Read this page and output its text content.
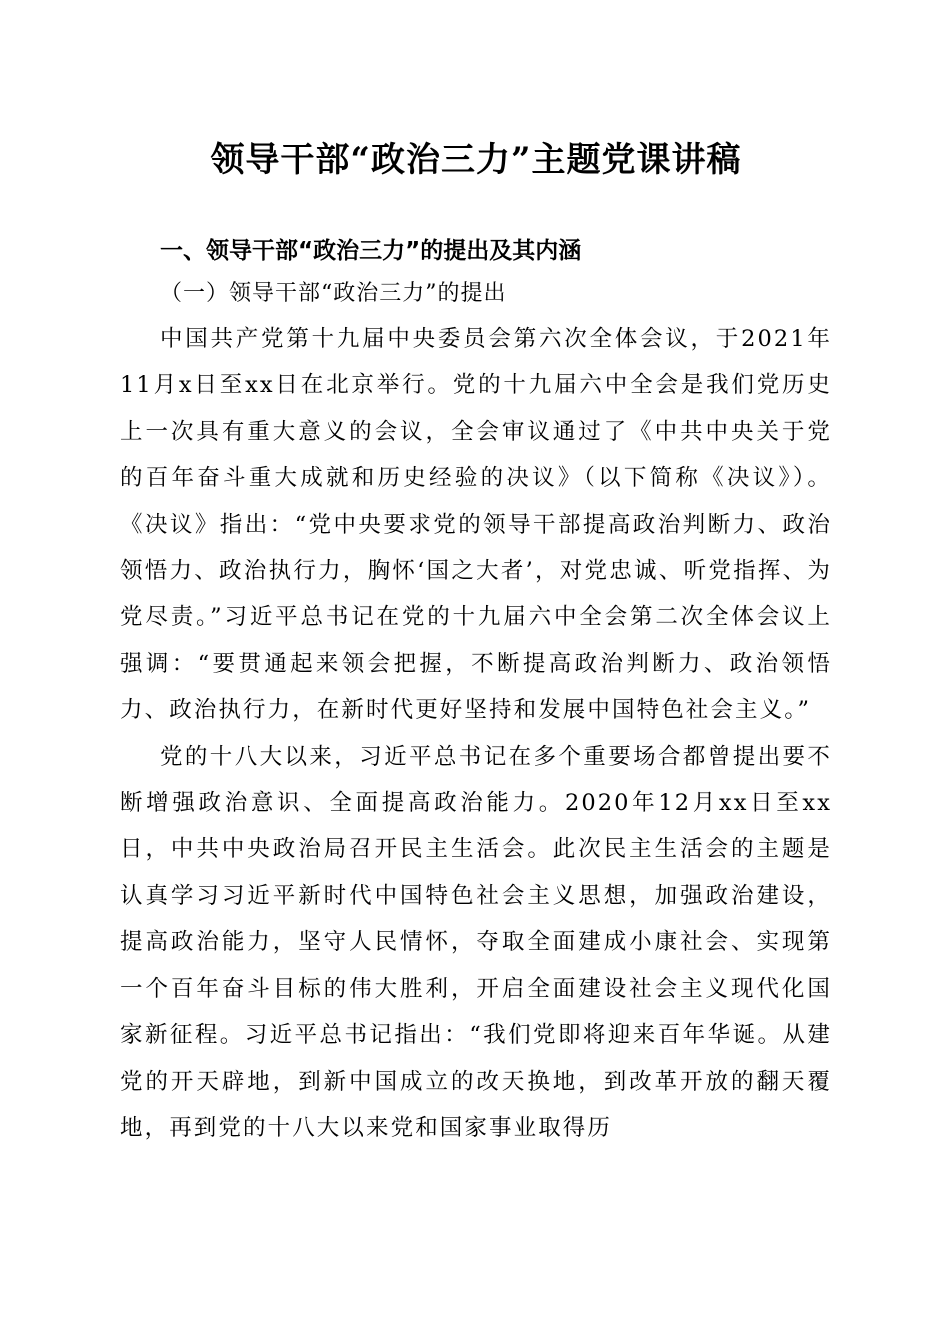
领导干部“政治三力”主题党课讲稿
一、领导干部“政治三力”的提出及其内涵
（一）领导干部“政治三力”的提出

中国共产党第十九届中央委员会第六次全体会议，于2021年11月x日至xx日在北京举行。党的十九届六中全会是我们党历史上一次具有重大意义的会议，全会审议通过了《中共中央关于党的百年奋斗重大成就和历史经验的决议》（以下简称《决议》）。《决议》指出：“党中央要求党的领导干部提高政治判断力、政治领悟力、政治执行力，胸怀‘国之大者’，对党忠诚、听党指挥、为党尽责。”习近平总书记在党的十九届六中全会第二次全体会议上强调：“要贯通起来领会把握，不断提高政治判断力、政治领悟力、政治执行力，在新时代更好坚持和发展中国特色社会主义。”

党的十八大以来，习近平总书记在多个重要场合都曾提出要不断增强政治意识、全面提高政治能力。2020年12月xx日至xx日，中共中央政治局召开民主生活会。此次民主生活会的主题是认真学习习近平新时代中国特色社会主义思想，加强政治建设，提高政治能力，坚守人民情怀，夺取全面建成小康社会、实现第一个百年奋斗目标的伟大胜利，开启全面建设社会主义现代化国家新征程。习近平总书记指出：“我们党即将迎来百年华诞。从建党的开天辟地，到新中国成立的改天换地，到改革开放的翻天覆地，再到党的十八大以来党和国家事业取得历
